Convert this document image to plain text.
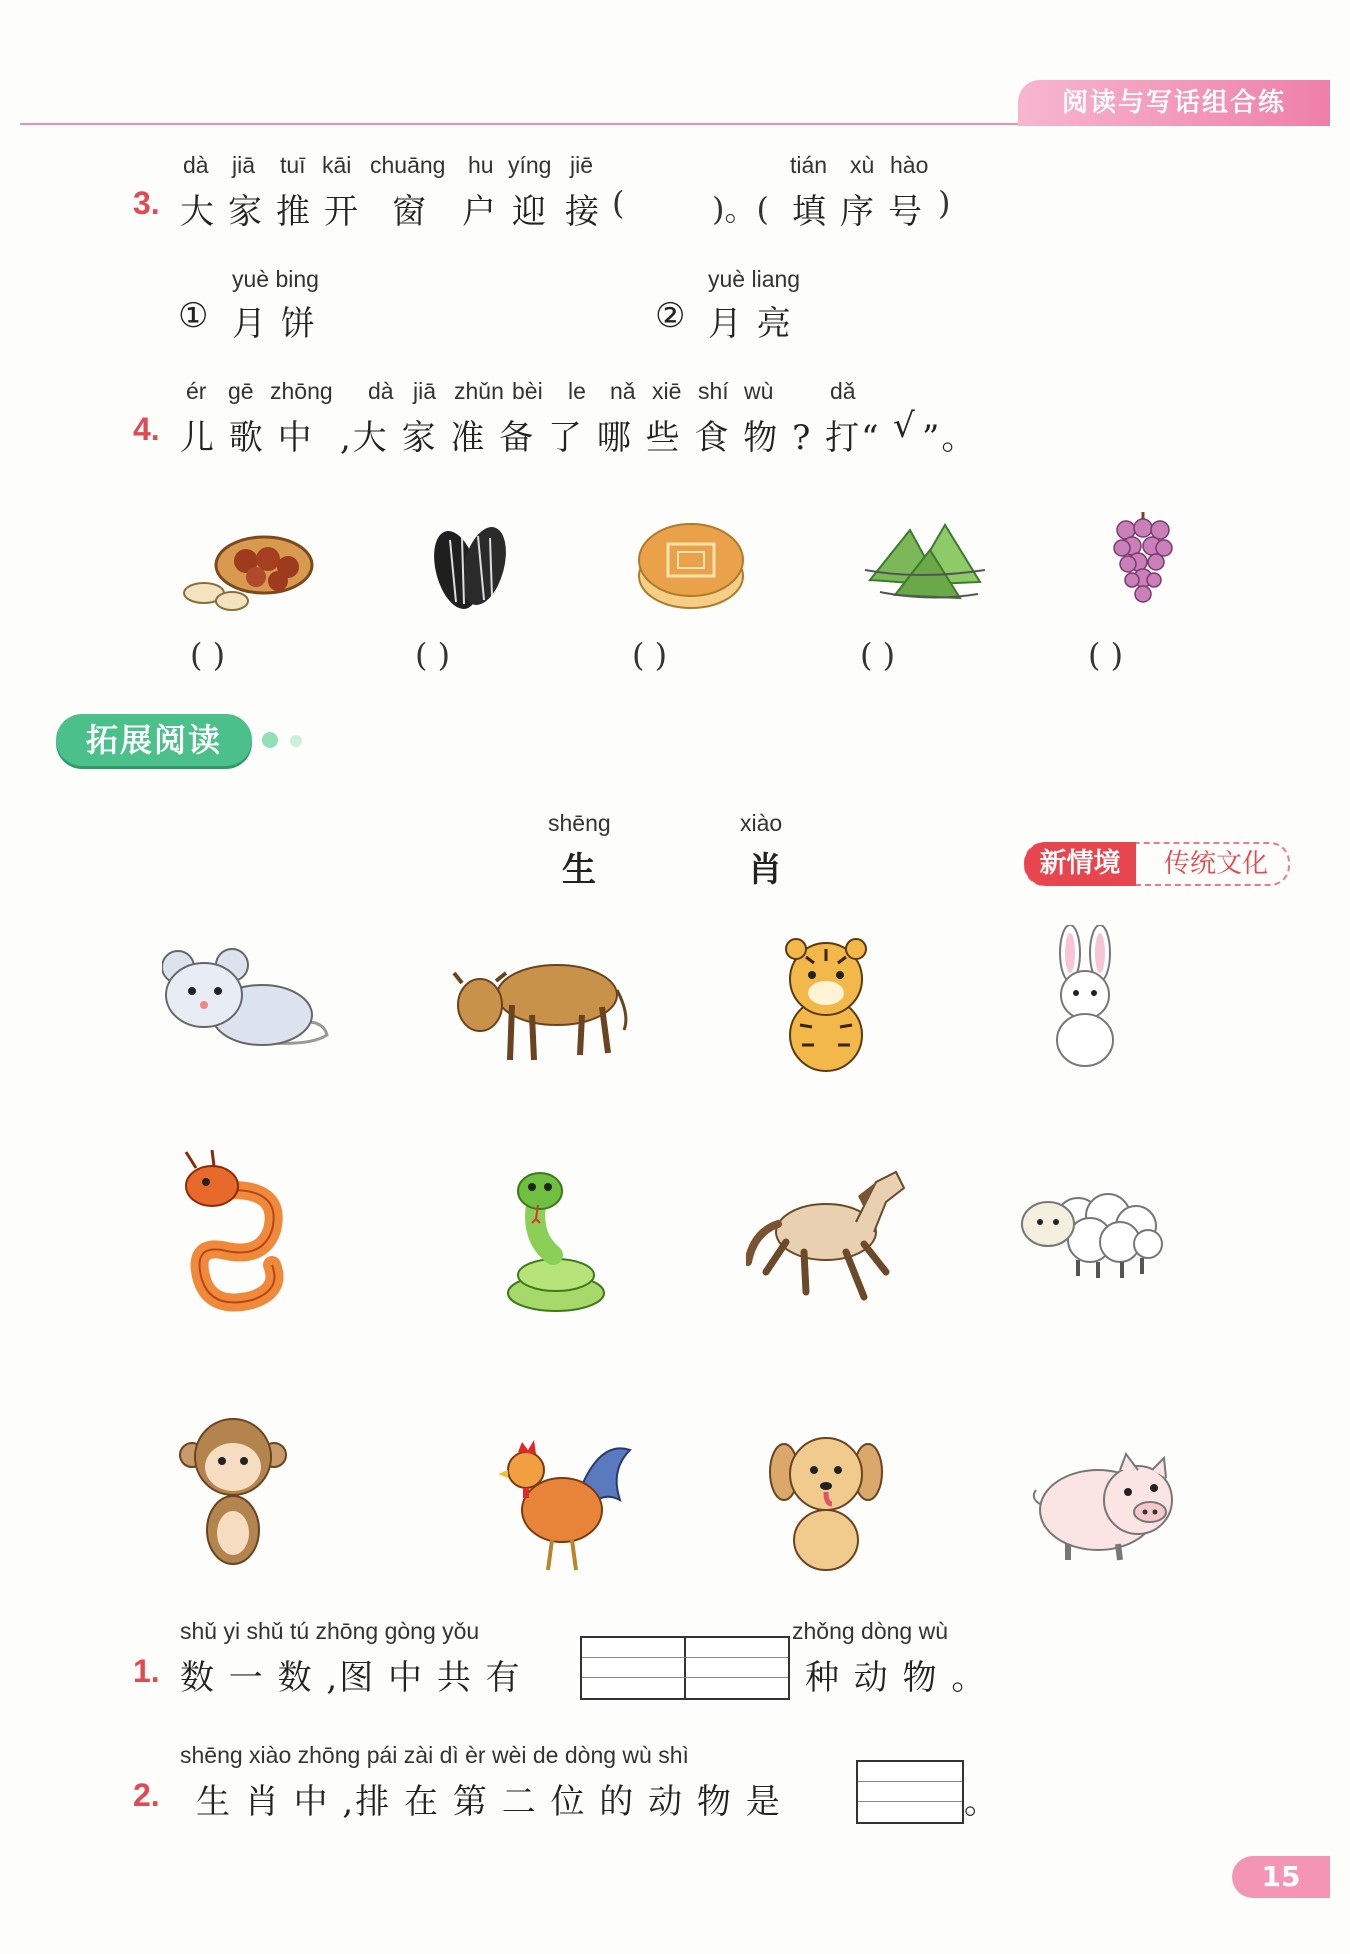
阅读与写话组合练
3.
dà jiā tuī kāi chuāng hu yíng jiē
大 家 推 开 窗 户 迎 接 (	)。(
tián xù hào
填 序 号 )
yuè bing
① 月 饼
yuè liang
② 月 亮
4.
ér gē zhōng dà jiā zhǔn bèi le nǎ xiē shí wù dǎ
儿 歌 中 ,大 家 准 备 了 哪 些 食 物 ? 打“ √ ”。
( )	( )	( )	( )	( )
拓展阅读
shēng	xiào
生	肖	新情境	传统文化
1.
shǔ yi shǔ tú zhōng gòng yǒu
数 一 数 ,图 中 共 有
zhǒng dòng wù
种 动 物 。
2.
shēng xiào zhōng pái zài dì èr wèi de dòng wù shì
生 肖 中 ,排 在 第 二 位 的 动 物 是	。
15
